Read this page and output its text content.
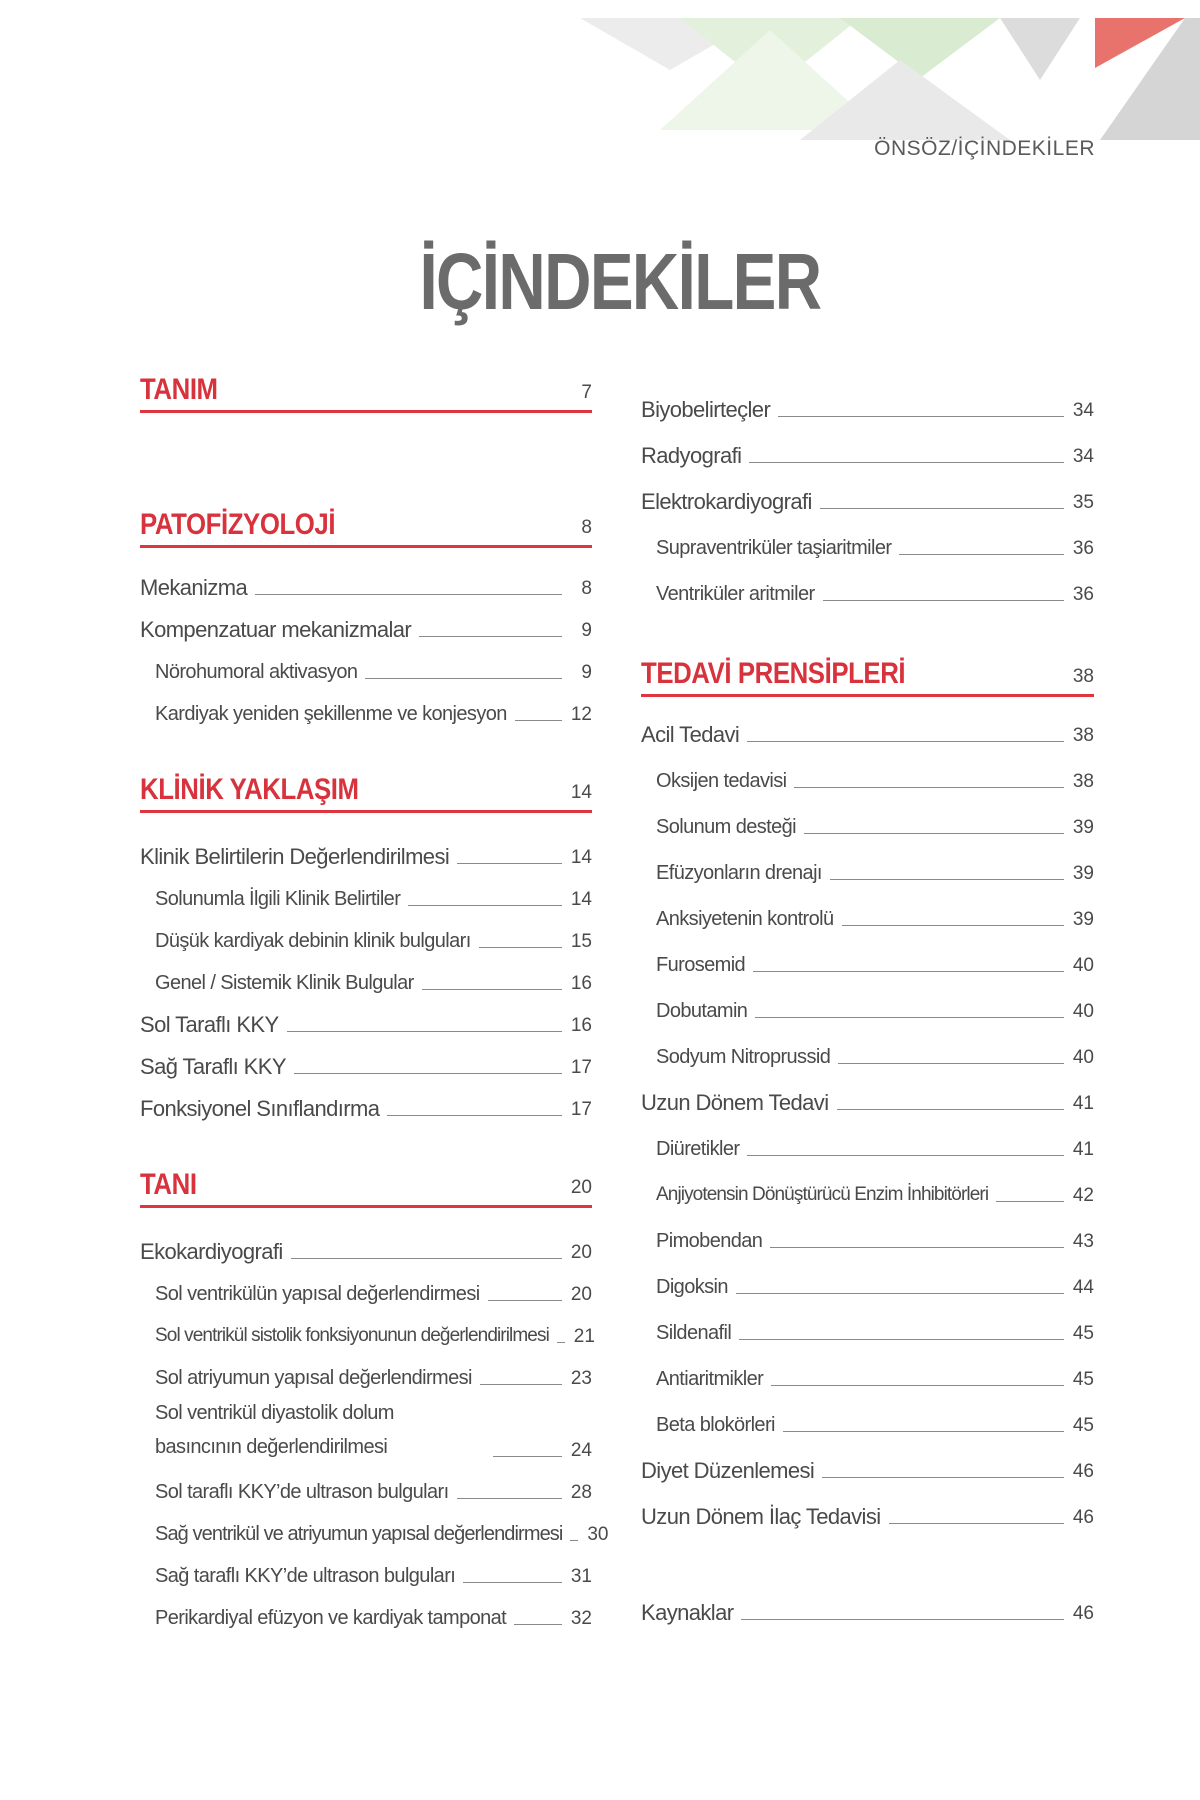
ÖNSÖZ/İÇİNDEKİLER
İÇİNDEKİLER
TANIM	7
PATOFİZYOLOJİ	8
Mekanizma	8
Kompenzatuar mekanizmalar	9
Nörohumoral aktivasyon	9
Kardiyak yeniden şekillenme ve konjesyon	12
KLİNİK YAKLAŞIM	14
Klinik Belirtilerin Değerlendirilmesi	14
Solunumla İlgili Klinik Belirtiler	14
Düşük kardiyak debinin klinik bulguları	15
Genel / Sistemik Klinik Bulgular	16
Sol Taraflı KKY	16
Sağ Taraflı KKY	17
Fonksiyonel Sınıflandırma	17
TANI	20
Ekokardiyografi	20
Sol ventrikülün yapısal değerlendirmesi	20
Sol ventrikül sistolik fonksiyonunun değerlendirilmesi 21
Sol atriyumun yapısal değerlendirmesi	23
Sol ventrikül diyastolik dolum basıncının değerlendirilmesi	24
Sol taraflı KKY’de ultrason bulguları	28
Sağ ventrikül ve atriyumun yapısal değerlendirmesi 30
Sağ taraflı KKY’de ultrason bulguları	31
Perikardiyal efüzyon ve kardiyak tamponat	32
Biyobelirteçler	34
Radyografi	34
Elektrokardiyografi	35
Supraventriküler taşiaritmiler	36
Ventriküler aritmiler	36
TEDAVİ PRENSİPLERİ	38
Acil Tedavi	38
Oksijen tedavisi	38
Solunum desteği	39
Efüzyonların drenajı	39
Anksiyetenin kontrolü	39
Furosemid	40
Dobutamin	40
Sodyum Nitroprussid	40
Uzun Dönem Tedavi	41
Diüretikler	41
Anjiyotensin Dönüştürücü Enzim İnhibitörleri	42
Pimobendan	43
Digoksin	44
Sildenafil	45
Antiaritmikler	45
Beta blokörleri	45
Diyet Düzenlemesi	46
Uzun Dönem İlaç Tedavisi	46
Kaynaklar	46
